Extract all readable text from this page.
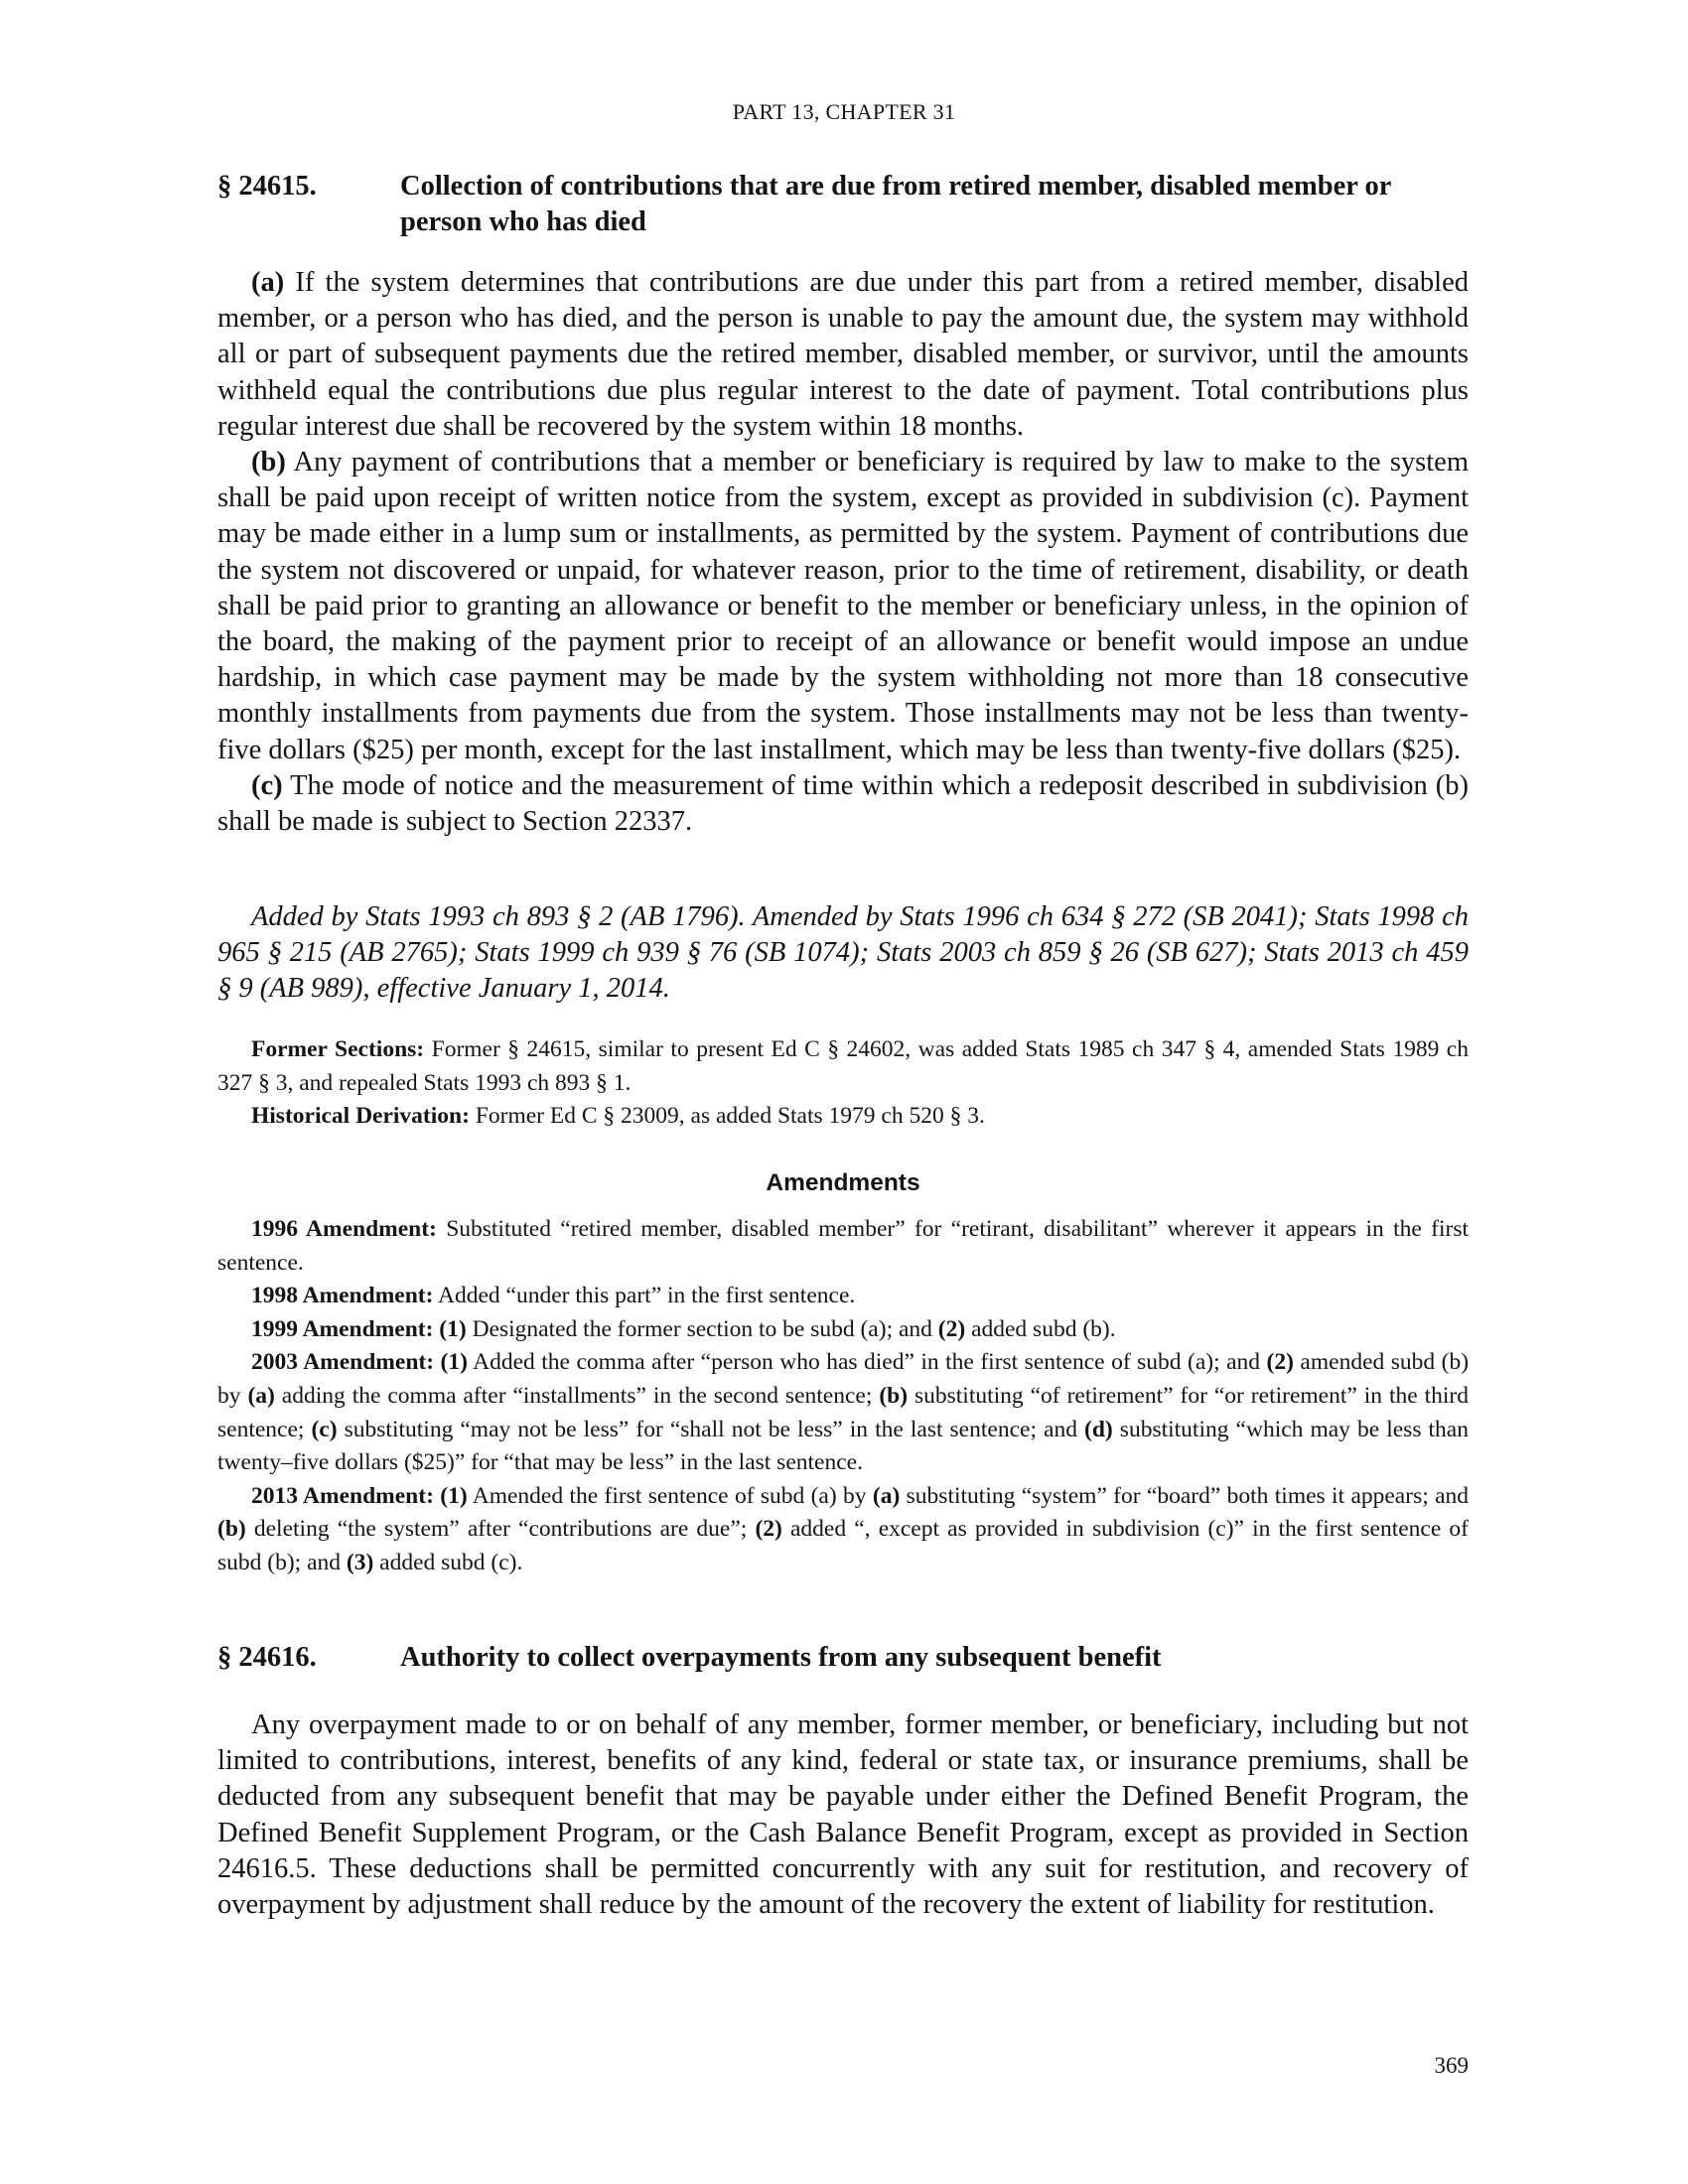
PART 13, CHAPTER 31
§ 24615.	Collection of contributions that are due from retired member, disabled member or person who has died

(a) If the system determines that contributions are due under this part from a retired member, disabled member, or a person who has died, and the person is unable to pay the amount due, the system may withhold all or part of subsequent payments due the retired member, disabled member, or survivor, until the amounts withheld equal the contributions due plus regular interest to the date of payment. Total contributions plus regular interest due shall be recovered by the system within 18 months.

(b) Any payment of contributions that a member or beneficiary is required by law to make to the system shall be paid upon receipt of written notice from the system, except as provided in subdivision (c). Payment may be made either in a lump sum or installments, as permitted by the system. Payment of contributions due the system not discovered or unpaid, for whatever reason, prior to the time of retirement, disability, or death shall be paid prior to granting an allowance or benefit to the member or beneficiary unless, in the opinion of the board, the making of the payment prior to receipt of an allowance or benefit would impose an undue hardship, in which case payment may be made by the system withholding not more than 18 consecutive monthly installments from payments due from the system. Those installments may not be less than twenty-five dollars ($25) per month, except for the last installment, which may be less than twenty-five dollars ($25).

(c) The mode of notice and the measurement of time within which a redeposit described in subdivision (b) shall be made is subject to Section 22337.

Added by Stats 1993 ch 893 § 2 (AB 1796). Amended by Stats 1996 ch 634 § 272 (SB 2041); Stats 1998 ch 965 § 215 (AB 2765); Stats 1999 ch 939 § 76 (SB 1074); Stats 2003 ch 859 § 26 (SB 627); Stats 2013 ch 459 § 9 (AB 989), effective January 1, 2014.

Former Sections: Former § 24615, similar to present Ed C § 24602, was added Stats 1985 ch 347 § 4, amended Stats 1989 ch 327 § 3, and repealed Stats 1993 ch 893 § 1.

Historical Derivation: Former Ed C § 23009, as added Stats 1979 ch 520 § 3.

Amendments

1996 Amendment: Substituted “retired member, disabled member” for “retirant, disabilitant” wherever it appears in the first sentence.

1998 Amendment: Added “under this part” in the first sentence.

1999 Amendment: (1) Designated the former section to be subd (a); and (2) added subd (b).

2003 Amendment: (1) Added the comma after “person who has died” in the first sentence of subd (a); and (2) amended subd (b) by (a) adding the comma after “installments” in the second sentence; (b) substituting “of retirement” for “or retirement” in the third sentence; (c) substituting “may not be less” for “shall not be less” in the last sentence; and (d) substituting “which may be less than twenty–five dollars ($25)” for “that may be less” in the last sentence.

2013 Amendment: (1) Amended the first sentence of subd (a) by (a) substituting “system” for “board” both times it appears; and (b) deleting “the system” after “contributions are due”; (2) added “, except as provided in subdivision (c)” in the first sentence of subd (b); and (3) added subd (c).

§ 24616.	Authority to collect overpayments from any subsequent benefit

Any overpayment made to or on behalf of any member, former member, or beneficiary, including but not limited to contributions, interest, benefits of any kind, federal or state tax, or insurance premiums, shall be deducted from any subsequent benefit that may be payable under either the Defined Benefit Program, the Defined Benefit Supplement Program, or the Cash Balance Benefit Program, except as provided in Section 24616.5. These deductions shall be permitted concurrently with any suit for restitution, and recovery of overpayment by adjustment shall reduce by the amount of the recovery the extent of liability for restitution.

369
